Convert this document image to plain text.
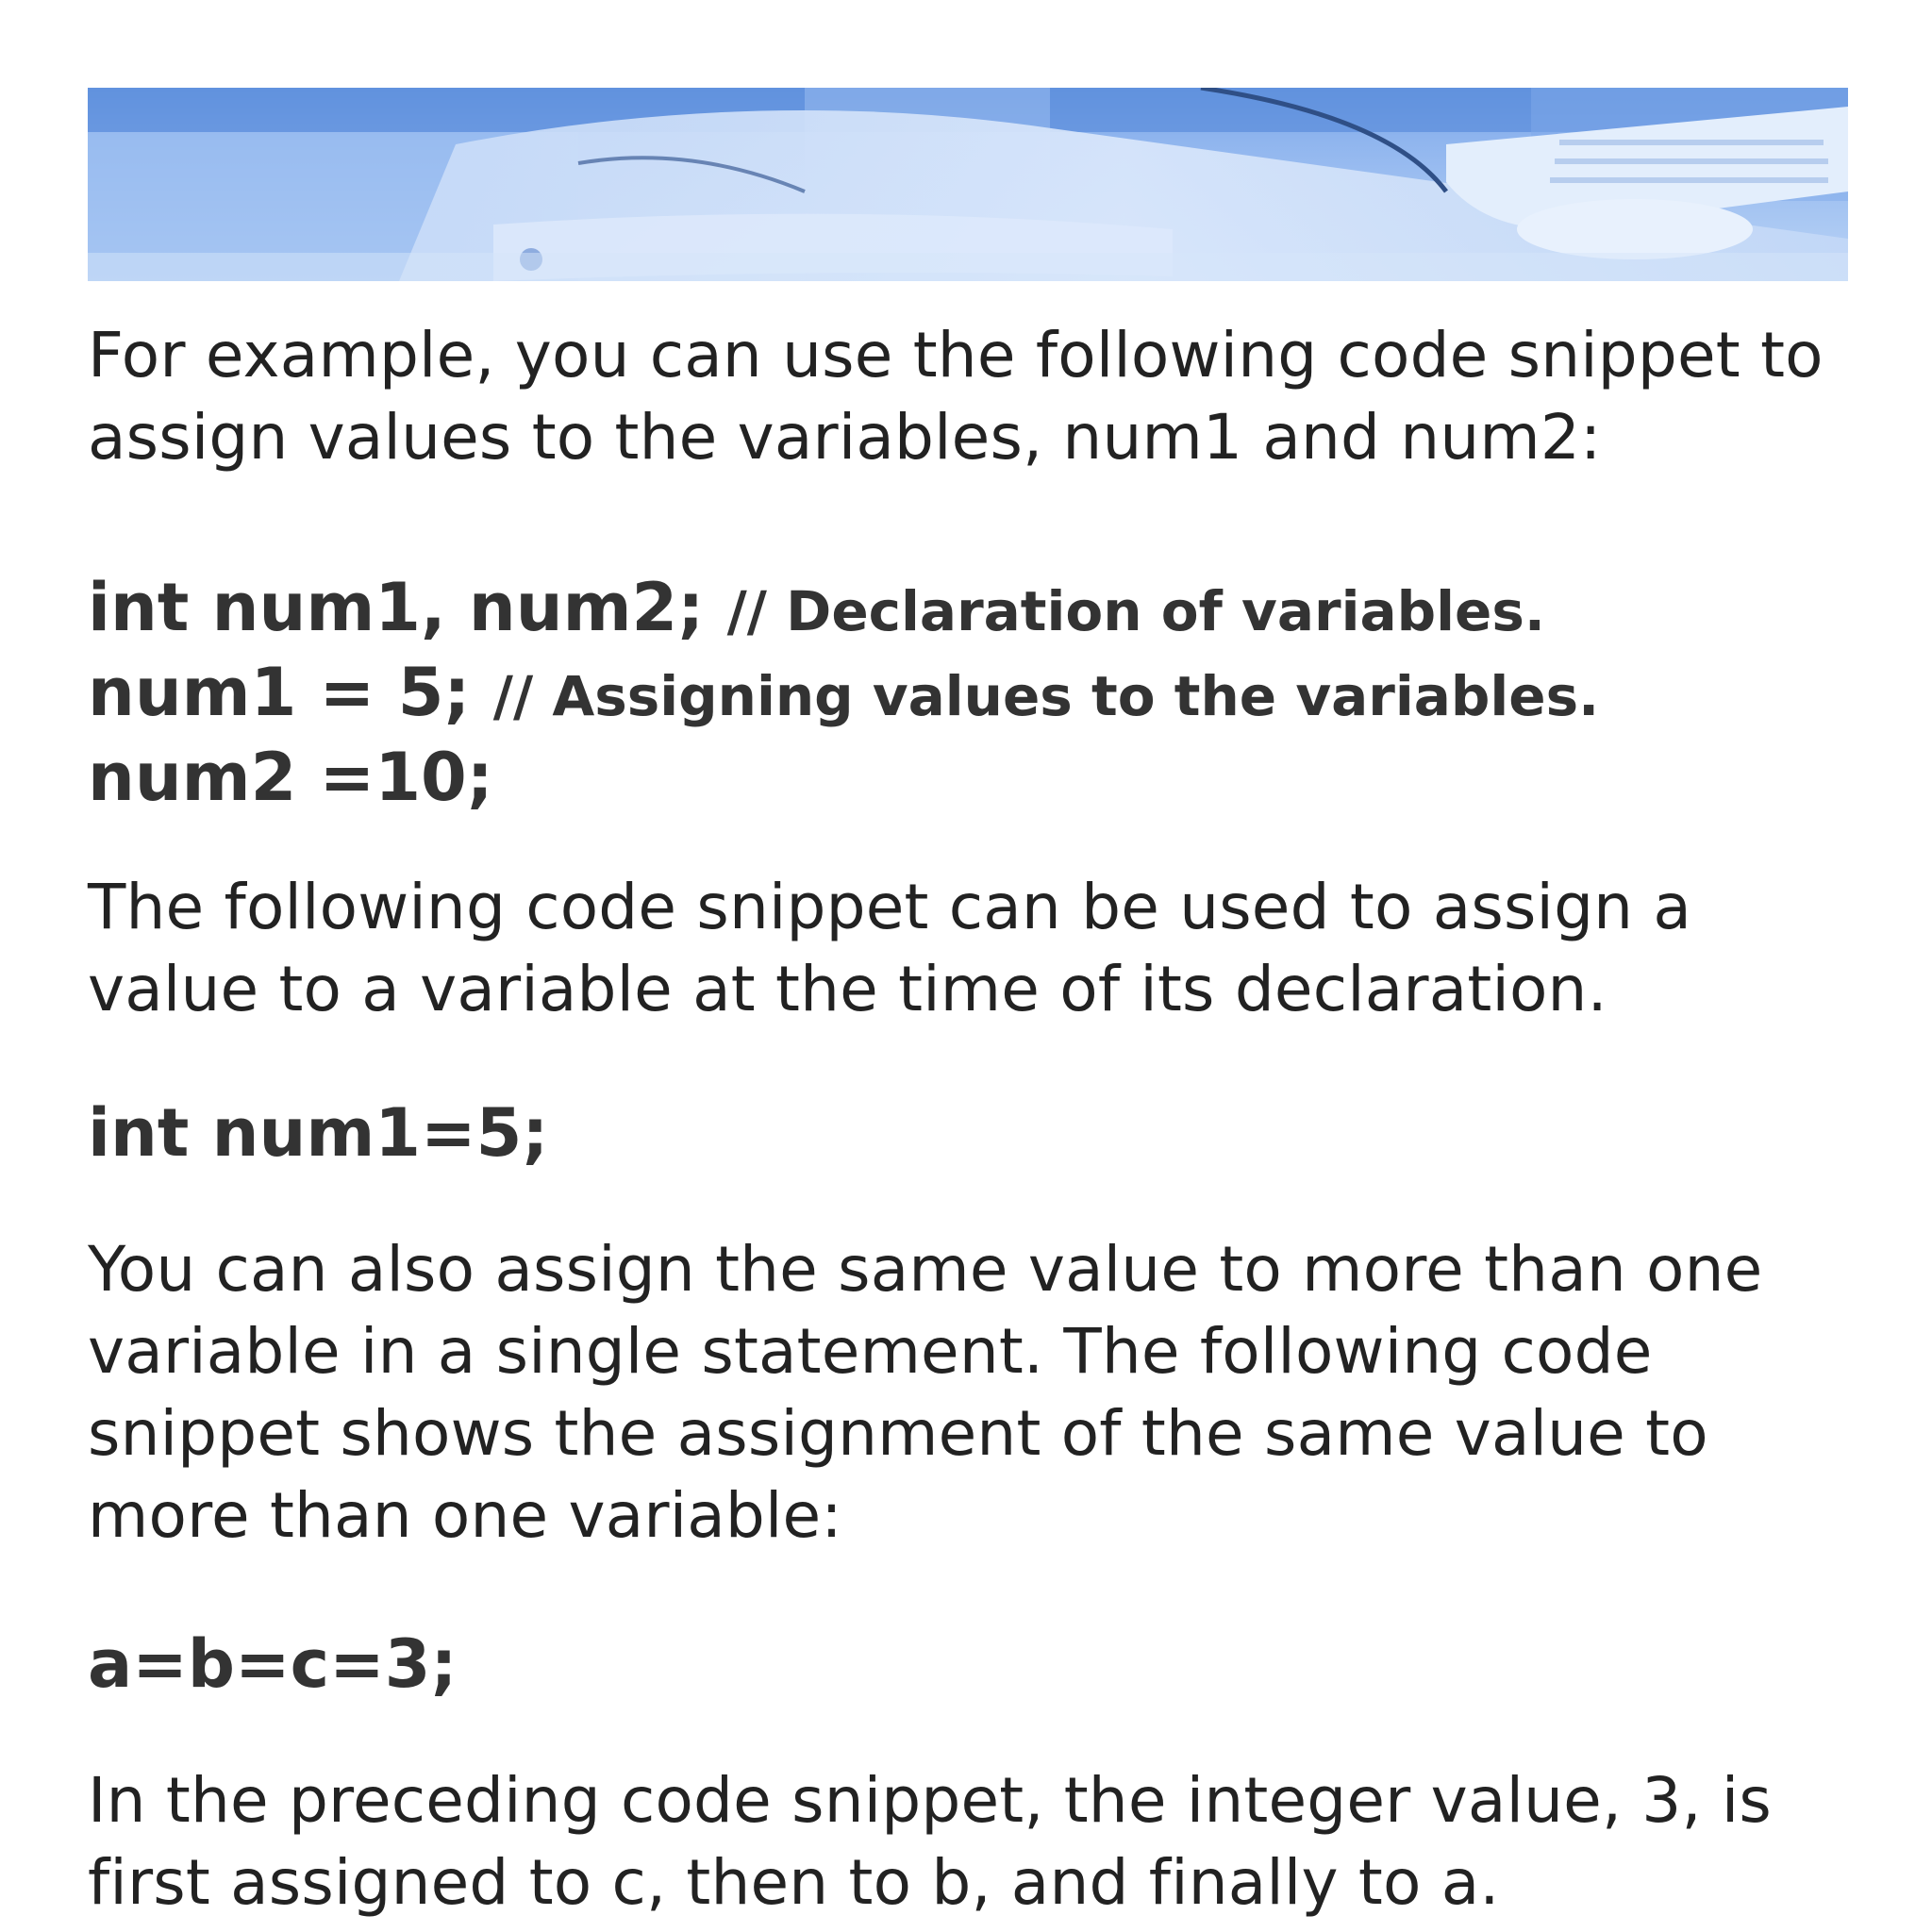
For example, you can use the following code snippet to assign values to the variables, num1 and num2:

int num1, num2; // Declaration of variables.
num1 = 5; // Assigning values to the variables.
num2 =10;

The following code snippet can be used to assign a value to a variable at the time of its declaration.

int num1=5;

You can also assign the same value to more than one variable in a single statement. The following code snippet shows the assignment of the same value to more than one variable:

a=b=c=3;

In the preceding code snippet, the integer value, 3, is first assigned to c, then to b, and finally to a.
